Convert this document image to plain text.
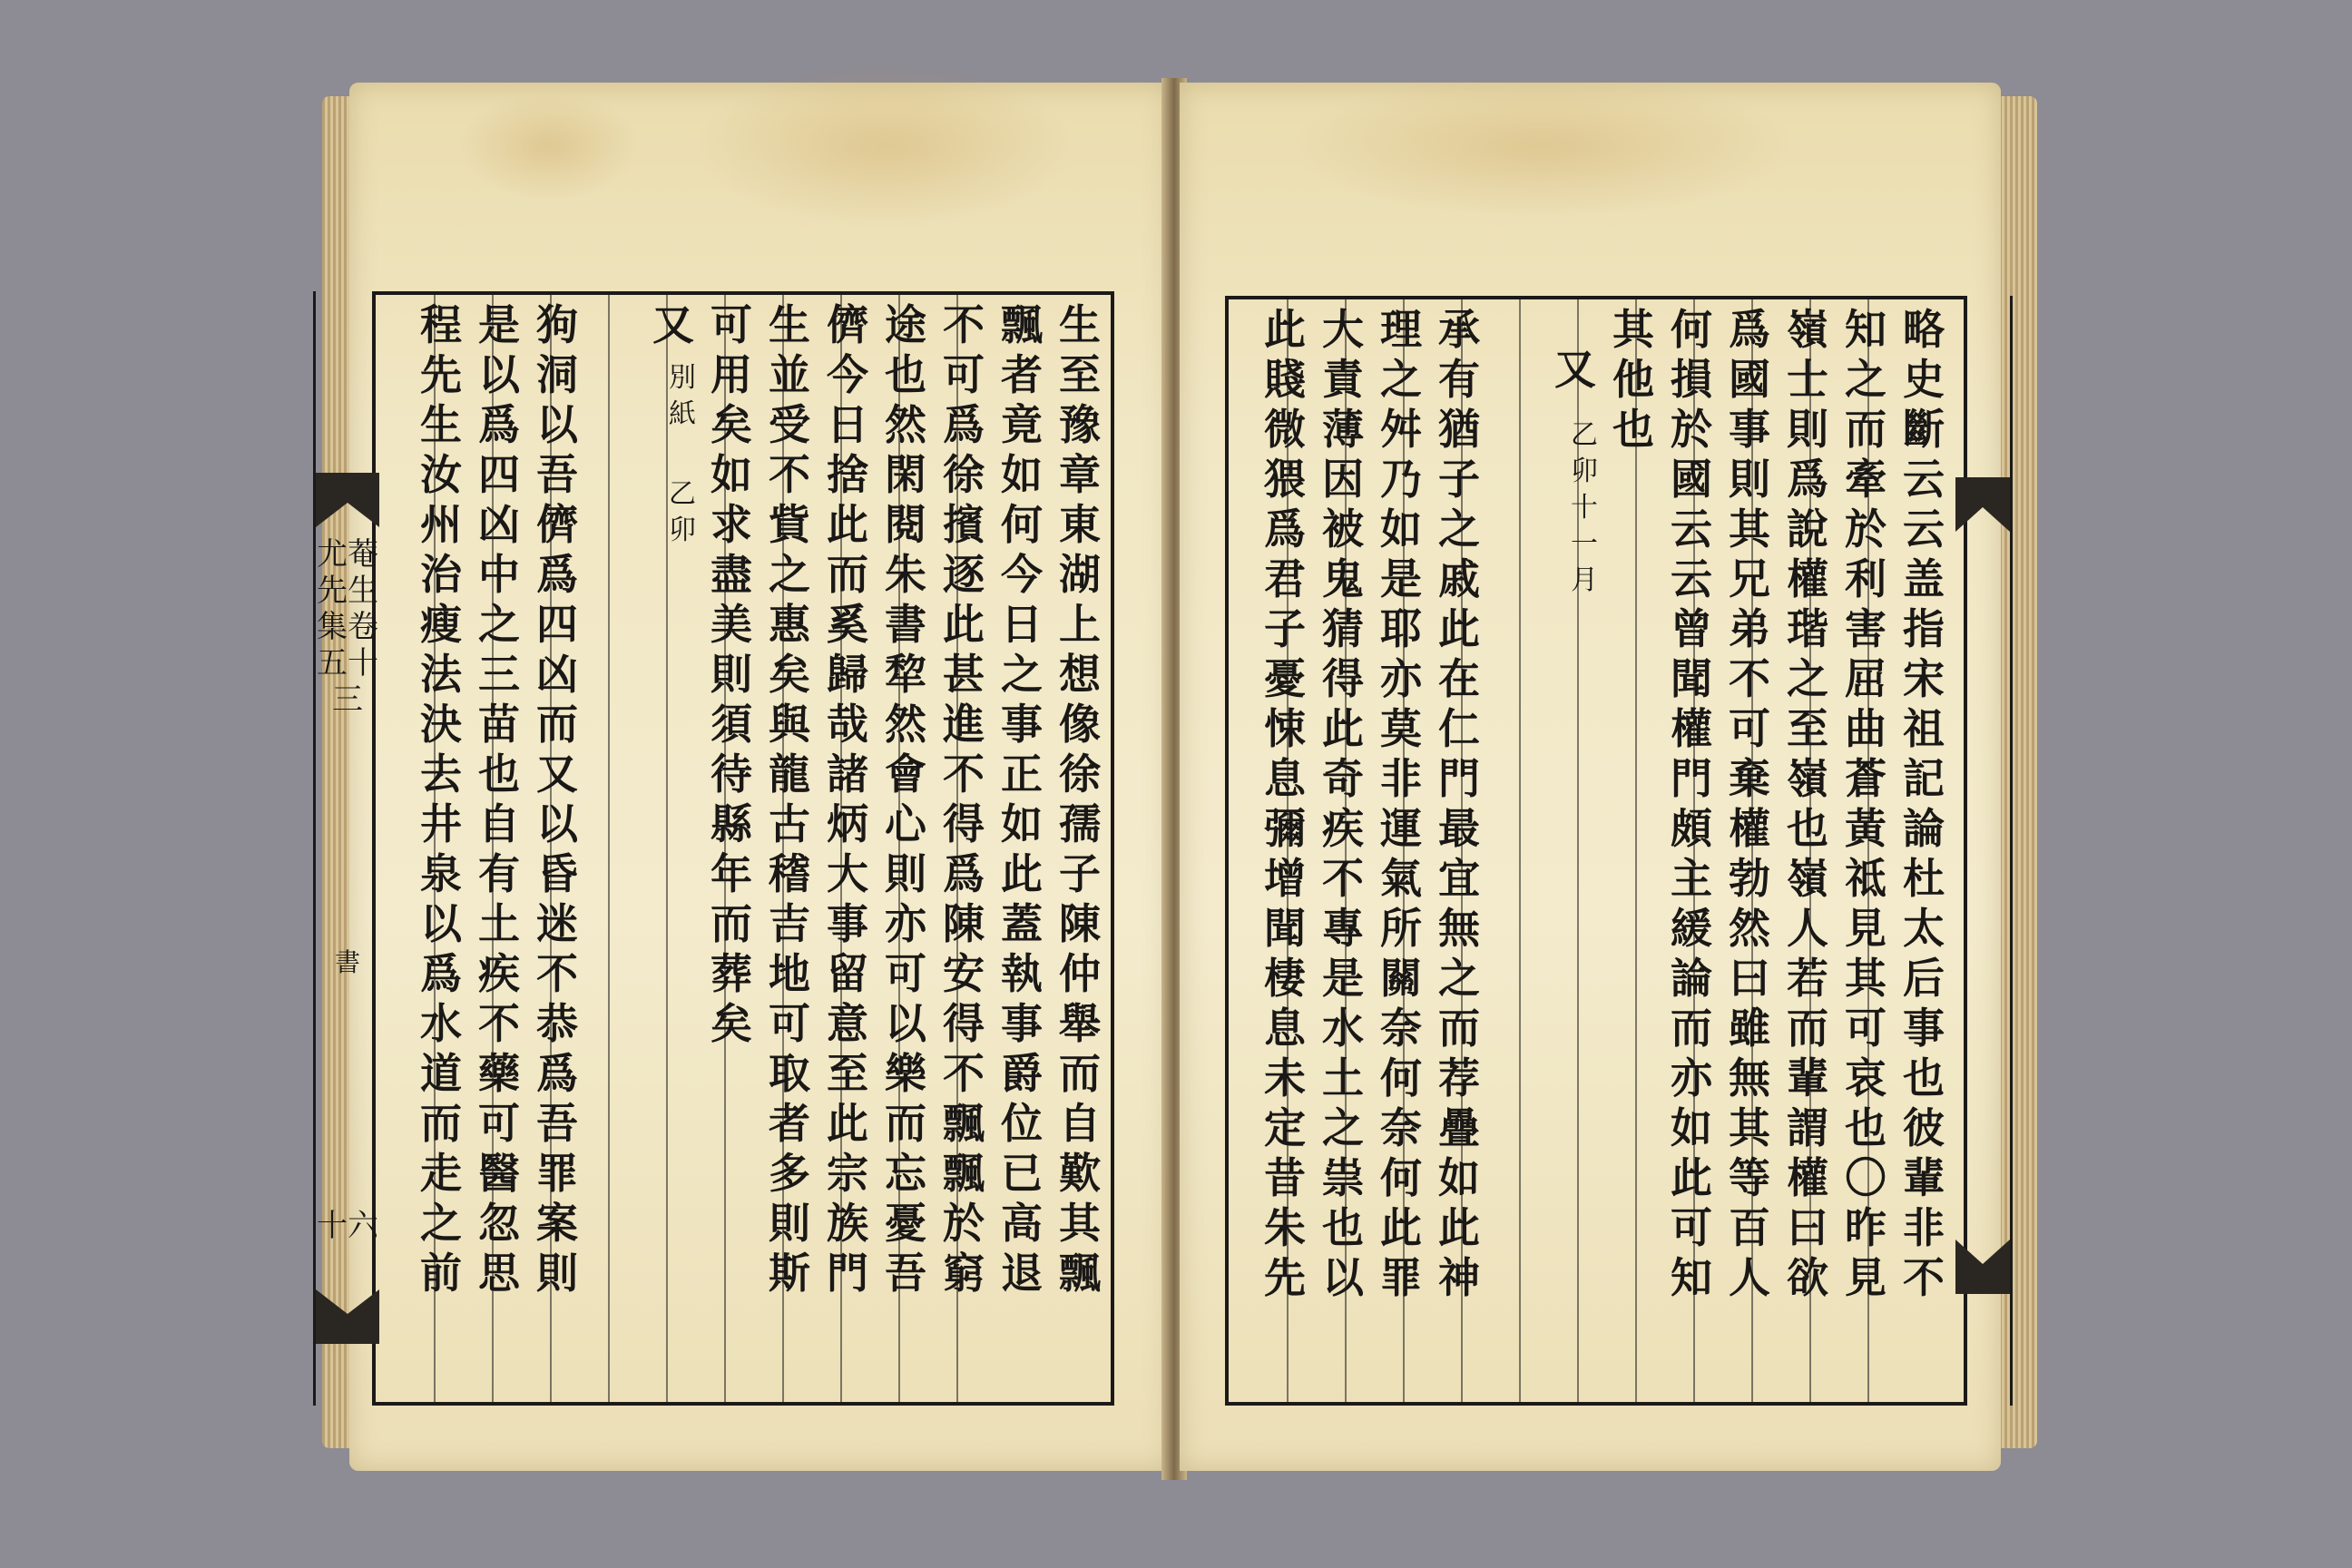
生至豫章東湖上想像徐孺子陳仲舉而自歎其飄
飄者竟如何今日之事正如此蓋執事爵位已高退
不可爲徐擯逐此甚進不得爲陳安得不飄飄於窮
途也然閑閱朱書犂然會心則亦可以樂而忘憂吾
儕今日捨此而奚歸哉諸炳大事留意至此宗族門
生並受不貲之惠矣與龍古𥡴吉地可取者多則斯
可用矣如求盡美則須待縣年而葬矣
又
別紙
乙卯
狗洞以吾儕爲四凶而又以昏迷不恭爲吾罪案則
是以爲四凶中之三苗也自有土疾不藥可醫忽思
程先生汝州治瘦法決去井泉以爲水道而走之前
尤菴先生集卷五十三
書
十六
略史斷云云盖指宋祖記論杜太后事也彼輩非不
知之而牽於利害屈曲蒼黃祗見其可哀也〇昨見
嶺士則爲說權瑎之至嶺也嶺人若而輩謂權曰欲
爲國事則其兄弟不可棄權勃然曰雖無其等百人
何損於國云云曾聞權門頗主緩論而亦如此可知
其他也
又
乙卯十一月
承有猶子之戚此在仁門最宜無之而荐疊如此神
理之舛乃如是耶亦莫非運氣所關奈何奈何此罪
大責薄因被鬼猜得此奇疾不專是水土之祟也以
此賤微猥爲君子憂悚息彌增聞棲息未定昔朱先
